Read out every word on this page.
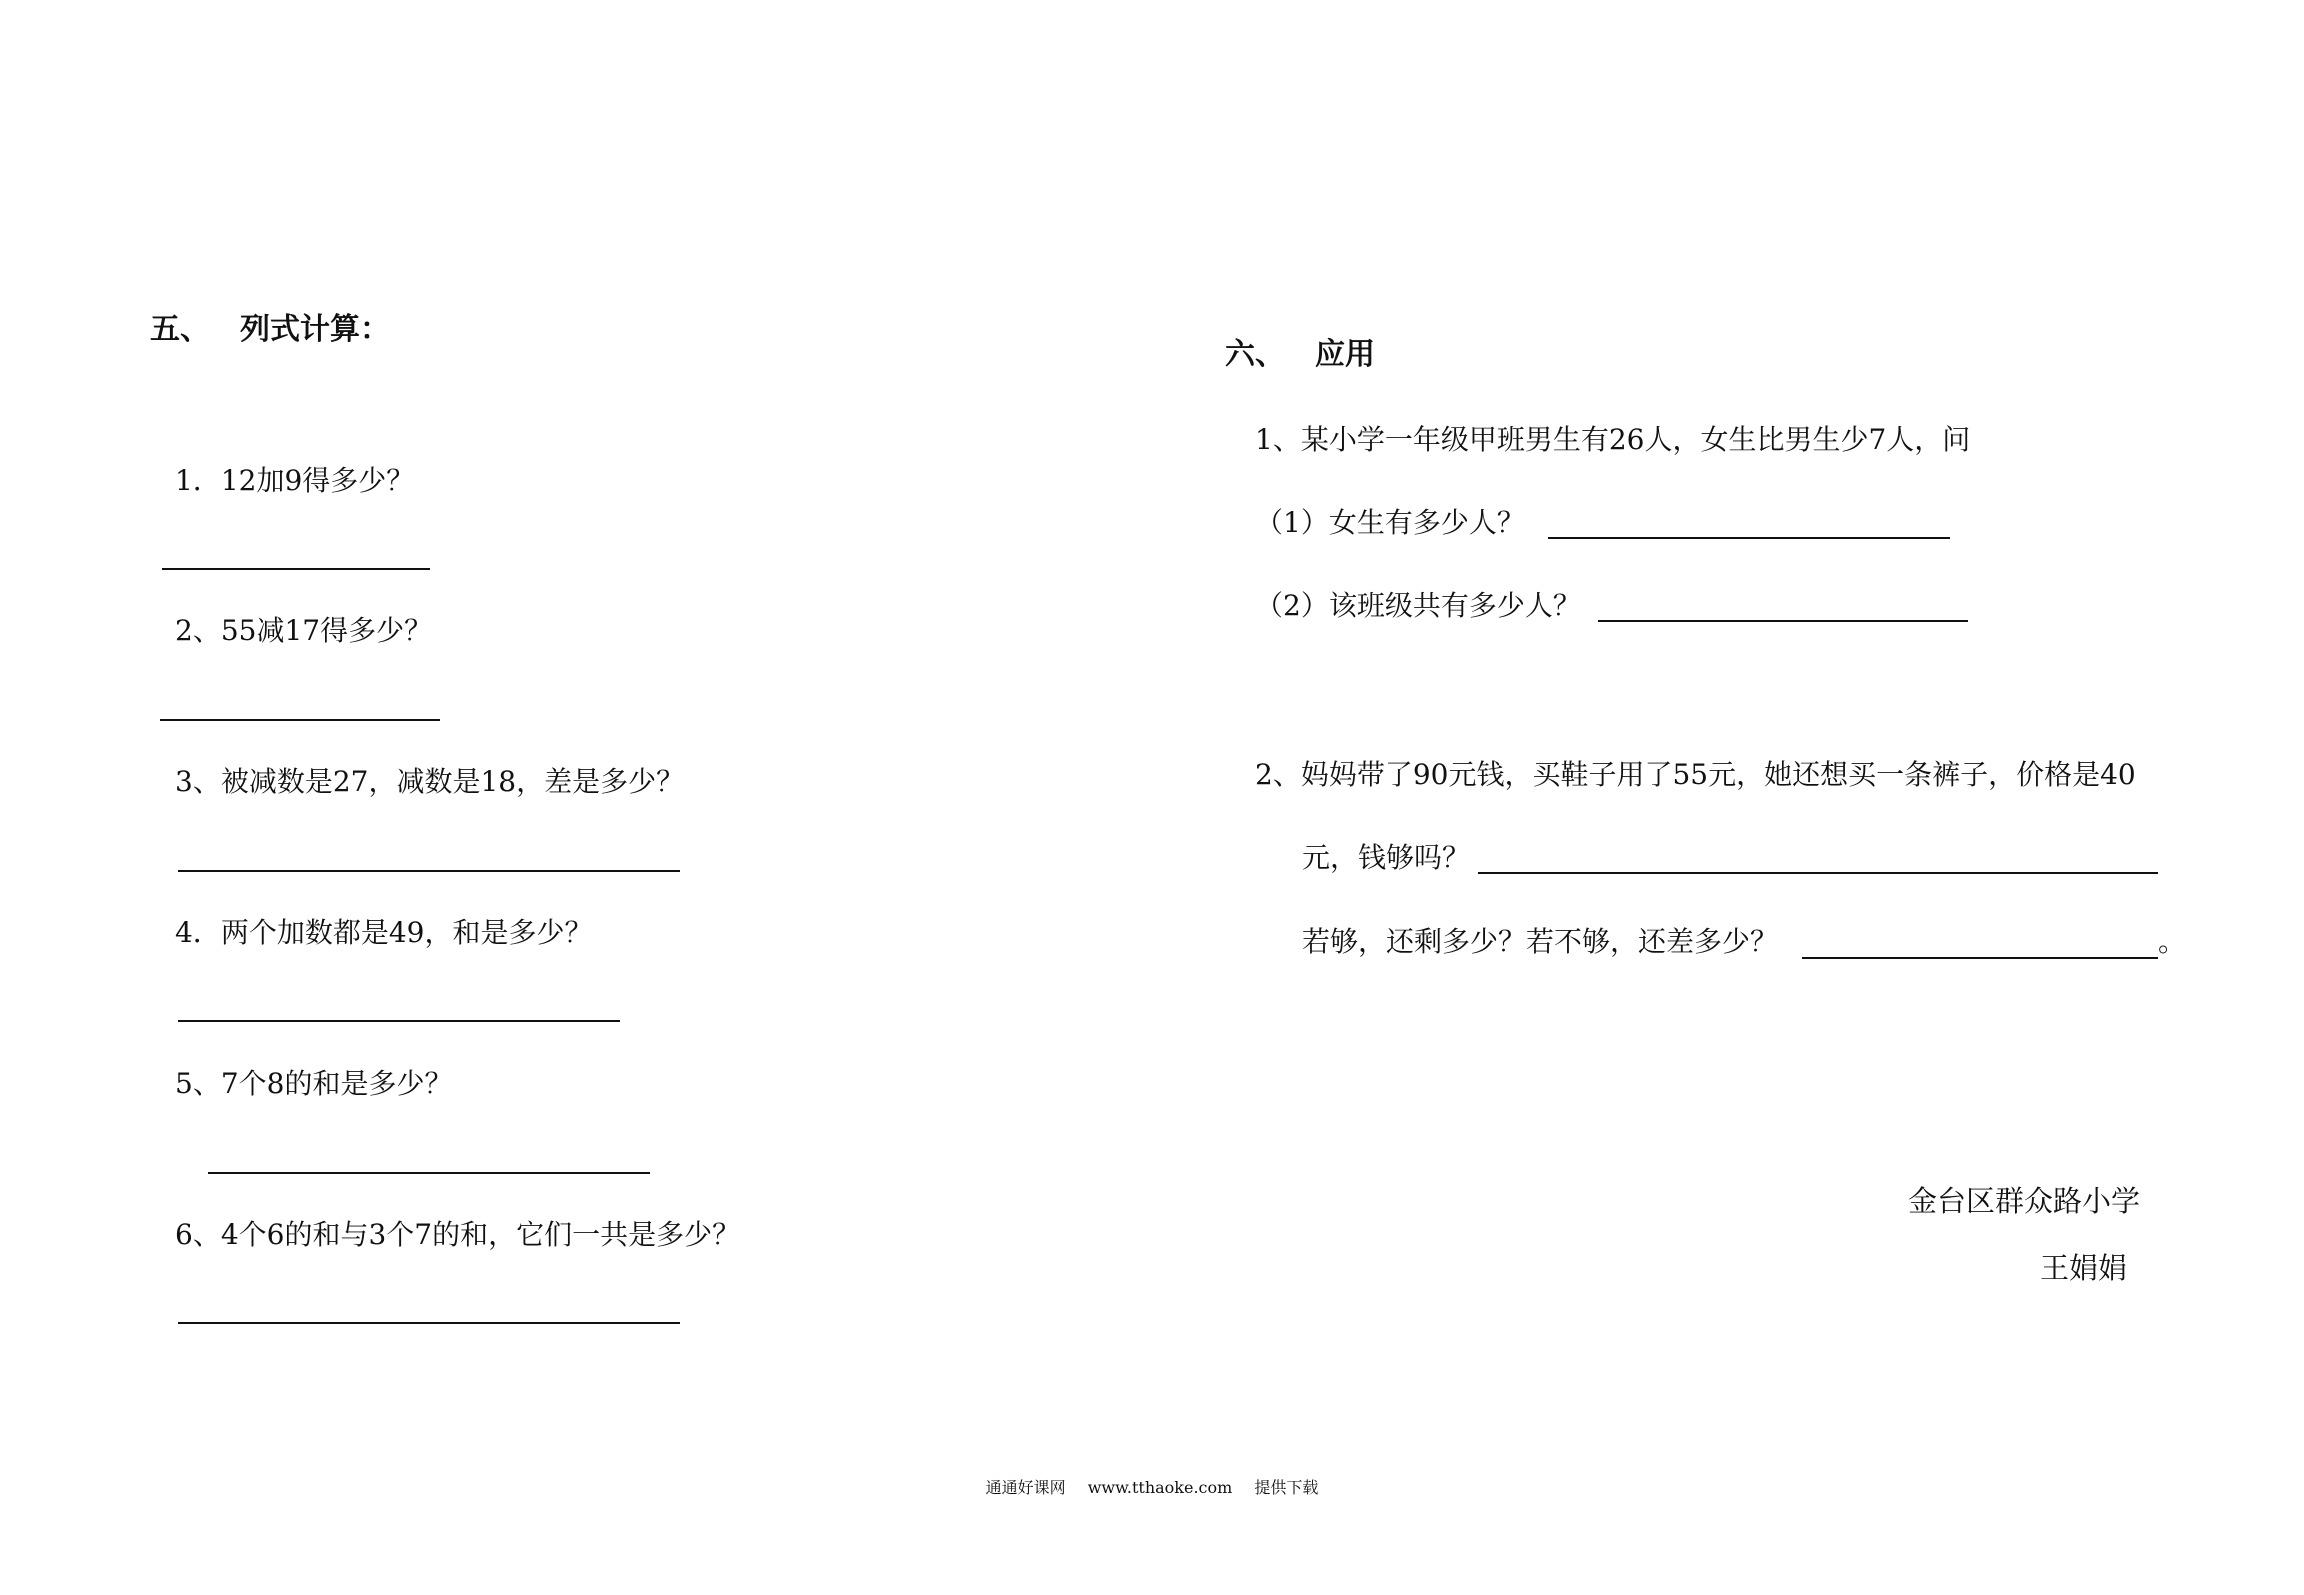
五、 列式计算：
1．12加9得多少？
2、55减17得多少？
3、被减数是27，减数是18，差是多少？
4．两个加数都是49，和是多少？
5、7个8的和是多少？
6、4个6的和与3个7的和，它们一共是多少？
六、 应用
1、某小学一年级甲班男生有26人，女生比男生少7人，问
（1）女生有多少人？
（2）该班级共有多少人？
2、妈妈带了90元钱，买鞋子用了55元，她还想买一条裤子，价格是40
元，钱够吗？
若够，还剩多少？若不够，还差多少？	。
金台区群众路小学
王娟娟
通通好课网 www.tthaoke.com 提供下载
